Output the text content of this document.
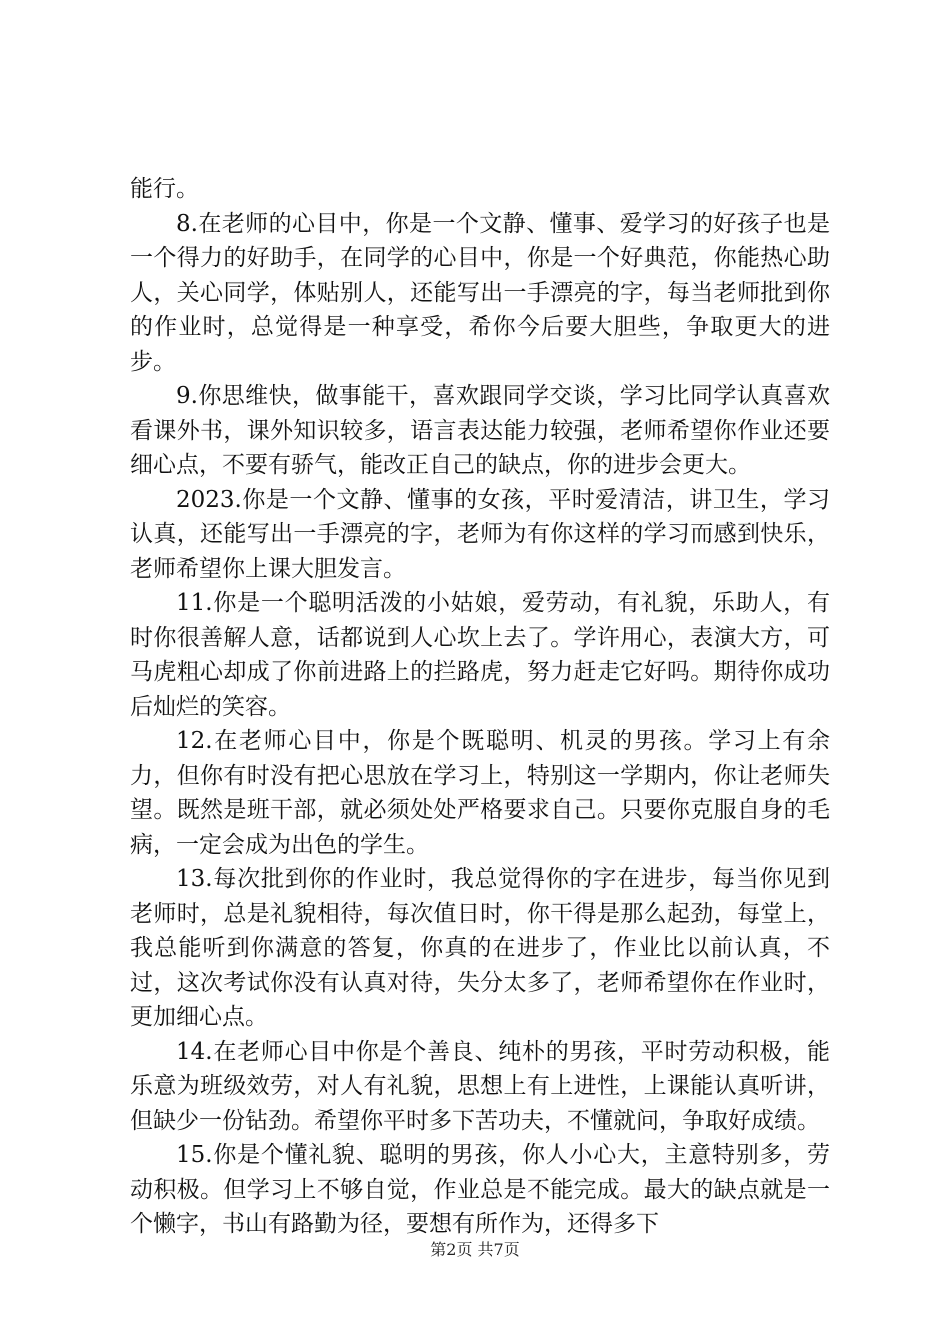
能行。

8.在老师的心目中，你是一个文静、懂事、爱学习的好孩子也是一个得力的好助手，在同学的心目中，你是一个好典范，你能热心助人，关心同学，体贴别人，还能写出一手漂亮的字，每当老师批到你的作业时，总觉得是一种享受，希你今后要大胆些，争取更大的进步。

9.你思维快，做事能干，喜欢跟同学交谈，学习比同学认真喜欢看课外书，课外知识较多，语言表达能力较强，老师希望你作业还要细心点，不要有骄气，能改正自己的缺点，你的进步会更大。

2023.你是一个文静、懂事的女孩，平时爱清洁，讲卫生，学习认真，还能写出一手漂亮的字，老师为有你这样的学习而感到快乐，老师希望你上课大胆发言。

11.你是一个聪明活泼的小姑娘，爱劳动，有礼貌，乐助人，有时你很善解人意，话都说到人心坎上去了。学许用心，表演大方，可马虎粗心却成了你前进路上的拦路虎，努力赶走它好吗。期待你成功后灿烂的笑容。

12.在老师心目中，你是个既聪明、机灵的男孩。学习上有余力，但你有时没有把心思放在学习上，特别这一学期内，你让老师失望。既然是班干部，就必须处处严格要求自己。只要你克服自身的毛病，一定会成为出色的学生。

13.每次批到你的作业时，我总觉得你的字在进步，每当你见到老师时，总是礼貌相待，每次值日时，你干得是那么起劲，每堂上，我总能听到你满意的答复，你真的在进步了，作业比以前认真，不过，这次考试你没有认真对待，失分太多了，老师希望你在作业时，更加细心点。

14.在老师心目中你是个善良、纯朴的男孩，平时劳动积极，能乐意为班级效劳，对人有礼貌，思想上有上进性，上课能认真听讲，但缺少一份钻劲。希望你平时多下苦功夫，不懂就问，争取好成绩。

15.你是个懂礼貌、聪明的男孩，你人小心大，主意特别多，劳动积极。但学习上不够自觉，作业总是不能完成。最大的缺点就是一个懒字，书山有路勤为径，要想有所作为，还得多下

第2页 共7页
